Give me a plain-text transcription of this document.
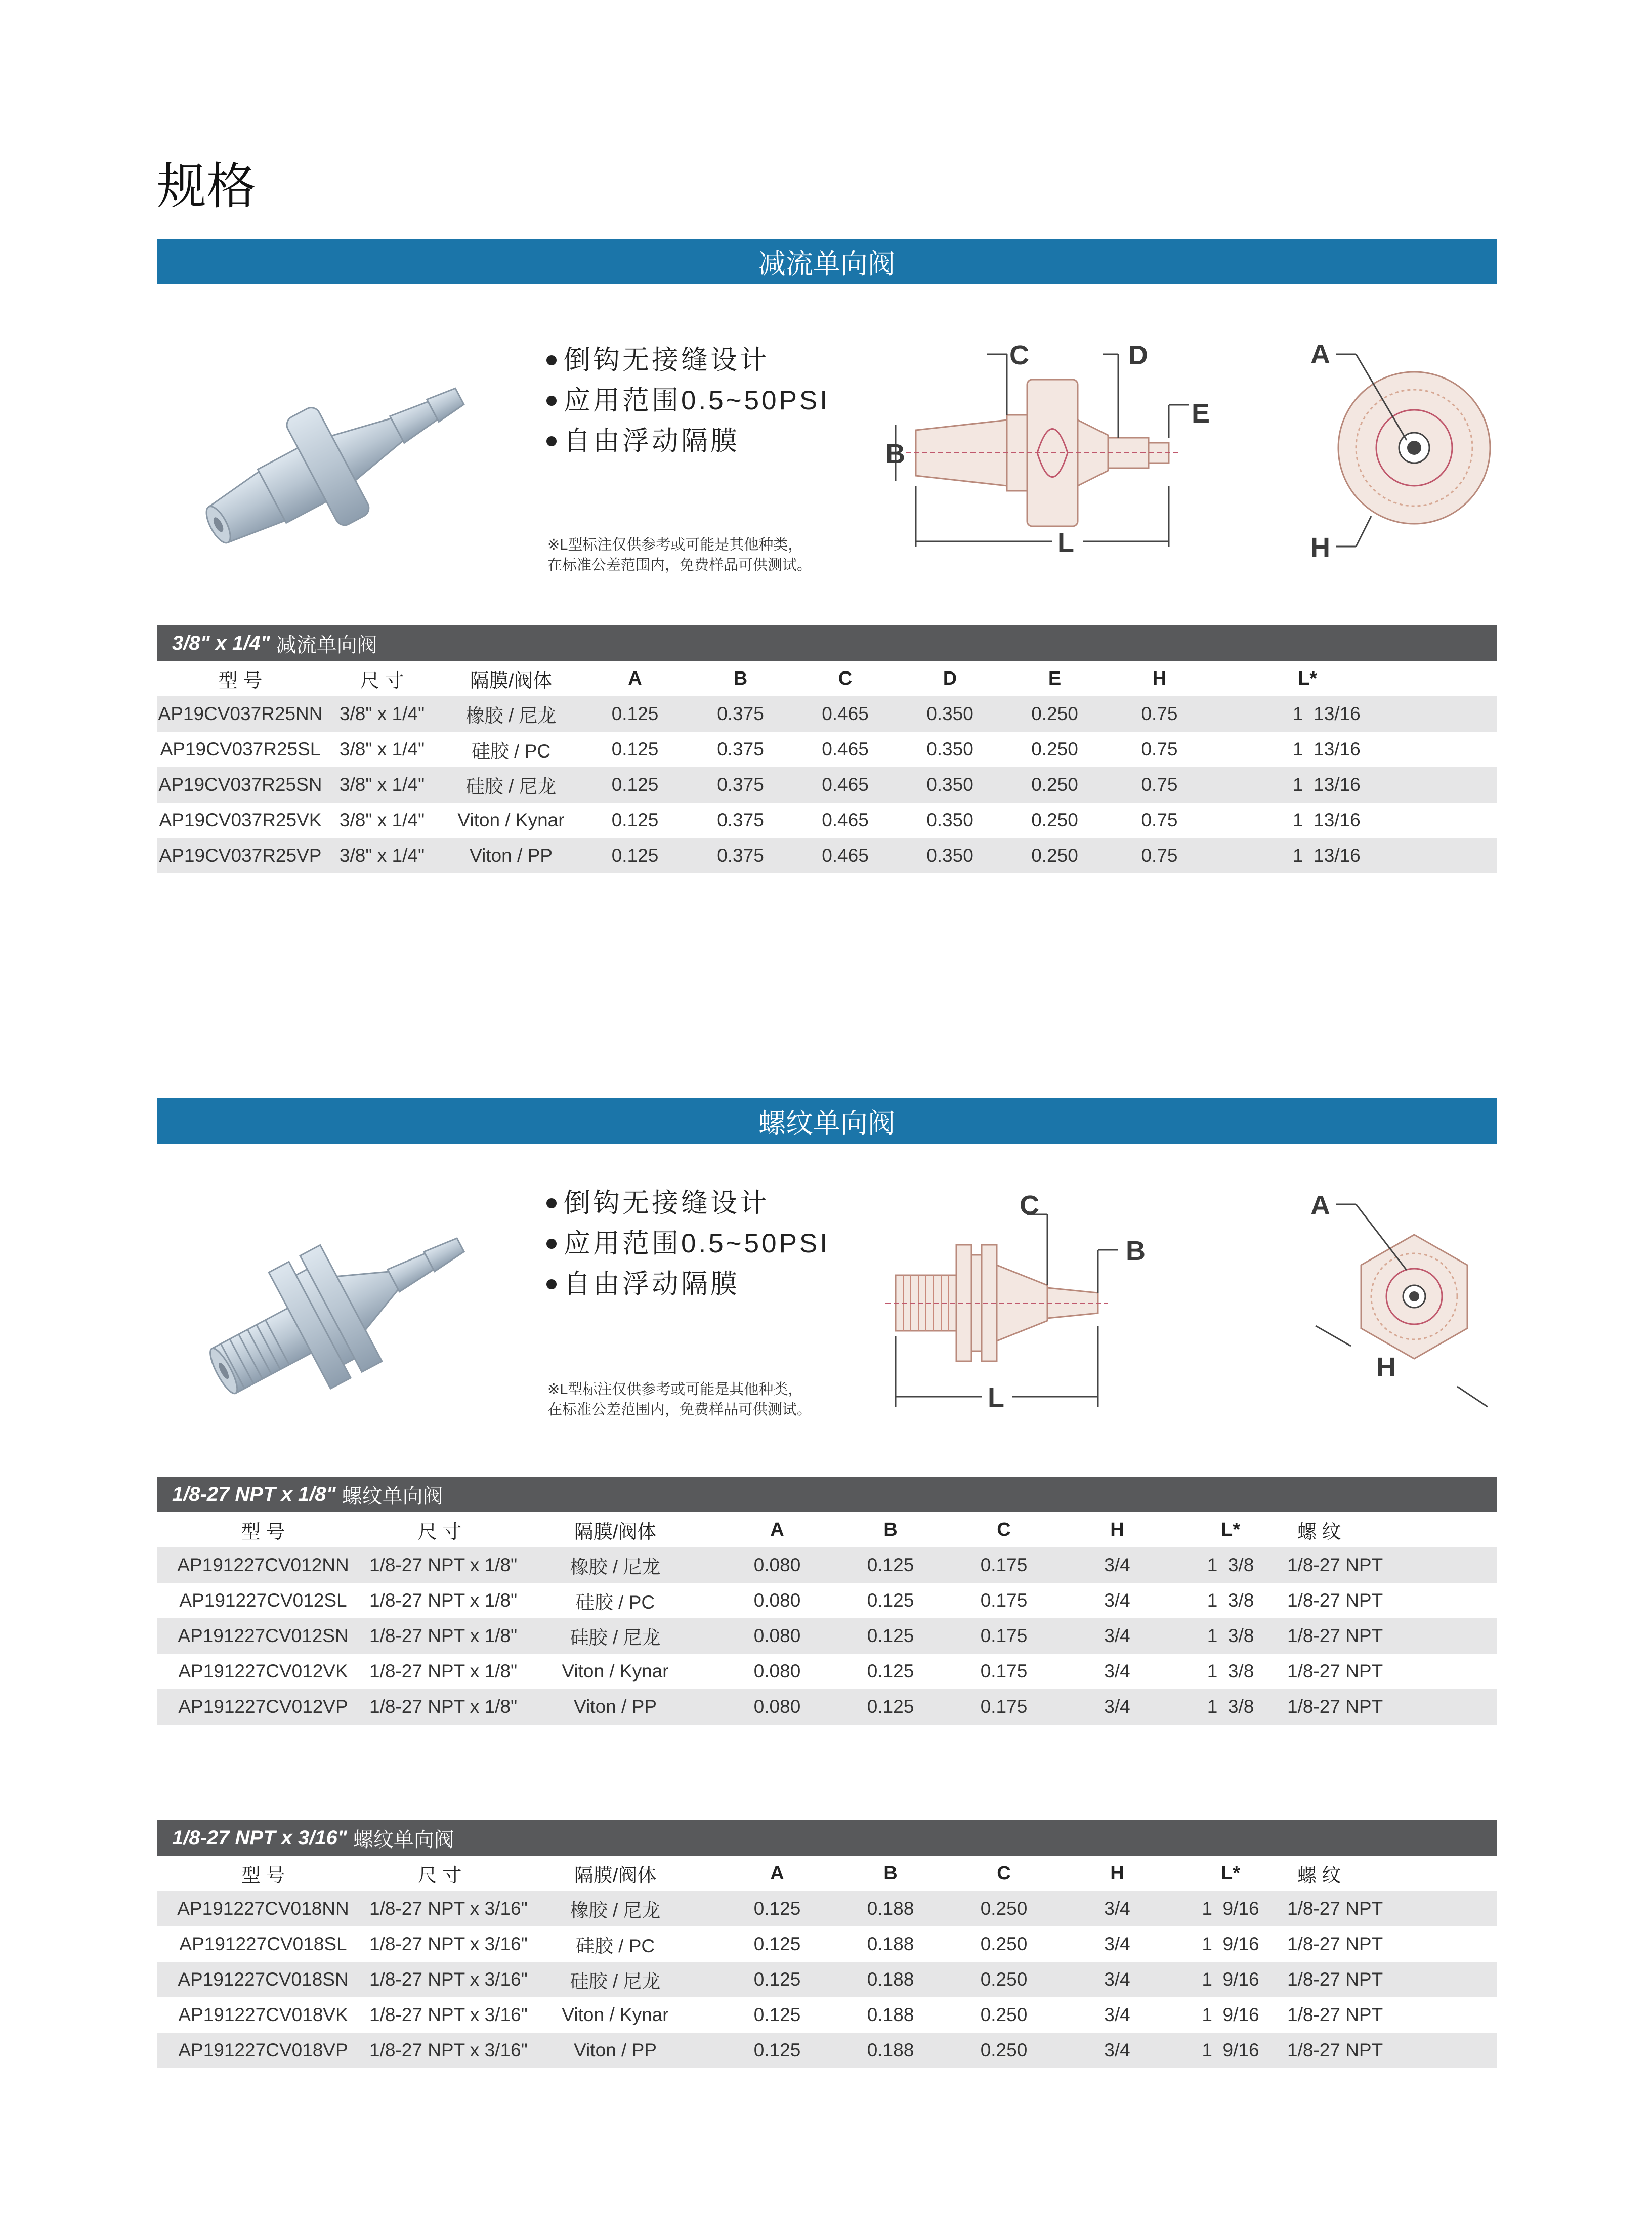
规格
减流单向阀
倒钩无接缝设计
应用范围0.5~50PSI
自由浮动隔膜
※L型标注仅供参考或可能是其他种类，
在标准公差范围内，免费样品可供测试。
C	D
E
B
L
A
H
3/8" x 1/4" 减流单向阀
型 号	尺 寸	隔膜/阀体	A	B	C	D	E	H	L*
AP19CV037R25NN	3/8" x 1/4"	橡胶 / 尼龙	0.125	0.375	0.465	0.350	0.250	0.75	1  13/16
AP19CV037R25SL	3/8" x 1/4"	硅胶 / PC	0.125	0.375	0.465	0.350	0.250	0.75	1  13/16
AP19CV037R25SN	3/8" x 1/4"	硅胶 / 尼龙	0.125	0.375	0.465	0.350	0.250	0.75	1  13/16
AP19CV037R25VK	3/8" x 1/4"	Viton / Kynar	0.125	0.375	0.465	0.350	0.250	0.75	1  13/16
AP19CV037R25VP	3/8" x 1/4"	Viton / PP	0.125	0.375	0.465	0.350	0.250	0.75	1  13/16
螺纹单向阀
倒钩无接缝设计
应用范围0.5~50PSI
自由浮动隔膜
※L型标注仅供参考或可能是其他种类，
在标准公差范围内，免费样品可供测试。
C
B
L
A
H
1/8-27 NPT x 1/8" 螺纹单向阀
型 号	尺 寸	隔膜/阀体	A	B	C	H	L*	螺 纹
AP191227CV012NN	1/8-27 NPT x 1/8"	橡胶 / 尼龙	0.080	0.125	0.175	3/4	1  3/8	1/8-27 NPT
AP191227CV012SL	1/8-27 NPT x 1/8"	硅胶 / PC	0.080	0.125	0.175	3/4	1  3/8	1/8-27 NPT
AP191227CV012SN	1/8-27 NPT x 1/8"	硅胶 / 尼龙	0.080	0.125	0.175	3/4	1  3/8	1/8-27 NPT
AP191227CV012VK	1/8-27 NPT x 1/8"	Viton / Kynar	0.080	0.125	0.175	3/4	1  3/8	1/8-27 NPT
AP191227CV012VP	1/8-27 NPT x 1/8"	Viton / PP	0.080	0.125	0.175	3/4	1  3/8	1/8-27 NPT
1/8-27 NPT x 3/16" 螺纹单向阀
型 号	尺 寸	隔膜/阀体	A	B	C	H	L*	螺 纹
AP191227CV018NN	1/8-27 NPT x 3/16"	橡胶 / 尼龙	0.125	0.188	0.250	3/4	1  9/16	1/8-27 NPT
AP191227CV018SL	1/8-27 NPT x 3/16"	硅胶 / PC	0.125	0.188	0.250	3/4	1  9/16	1/8-27 NPT
AP191227CV018SN	1/8-27 NPT x 3/16"	硅胶 / 尼龙	0.125	0.188	0.250	3/4	1  9/16	1/8-27 NPT
AP191227CV018VK	1/8-27 NPT x 3/16"	Viton / Kynar	0.125	0.188	0.250	3/4	1  9/16	1/8-27 NPT
AP191227CV018VP	1/8-27 NPT x 3/16"	Viton / PP	0.125	0.188	0.250	3/4	1  9/16	1/8-27 NPT
